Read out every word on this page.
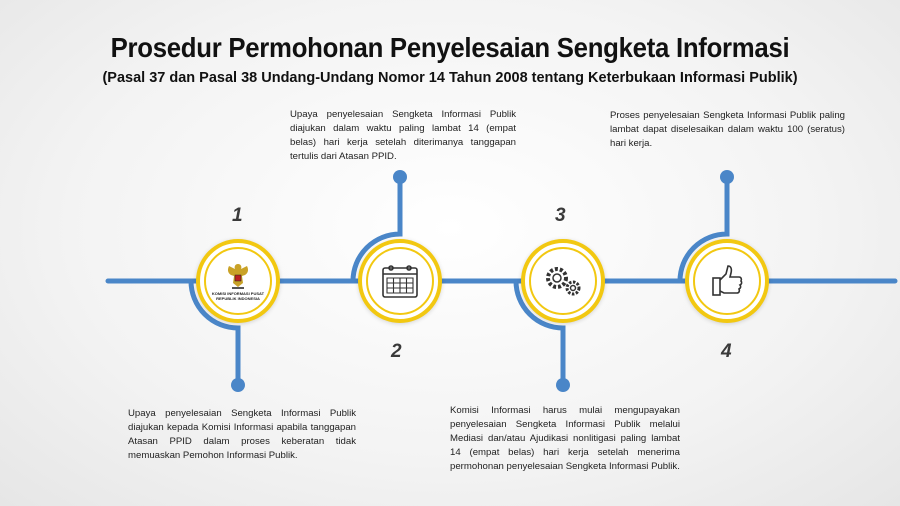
Prosedur Permohonan Penyelesaian Sengketa Informasi
(Pasal 37 dan Pasal 38 Undang-Undang Nomor 14 Tahun 2008 tentang Keterbukaan Informasi Publik)
KOMISI INFORMASI PUSAT REPUBLIK INDONESIA
1
2
3
4
Upaya penyelesaian Sengketa Informasi Publik diajukan kepada Komisi Informasi apabila tanggapan Atasan PPID dalam proses keberatan tidak memuaskan Pemohon Informasi Publik.
Upaya penyelesaian Sengketa Informasi Publik diajukan dalam waktu paling lambat 14 (empat belas) hari kerja setelah diterimanya tanggapan tertulis dari Atasan PPID.
Komisi Informasi harus mulai mengupayakan penyelesaian Sengketa Informasi Publik melalui Mediasi dan/atau Ajudikasi nonlitigasi paling lambat 14 (empat belas) hari kerja setelah menerima permohonan penyelesaian Sengketa Informasi Publik.
Proses penyelesaian Sengketa Informasi Publik paling lambat dapat diselesaikan dalam waktu 100 (seratus) hari kerja.
